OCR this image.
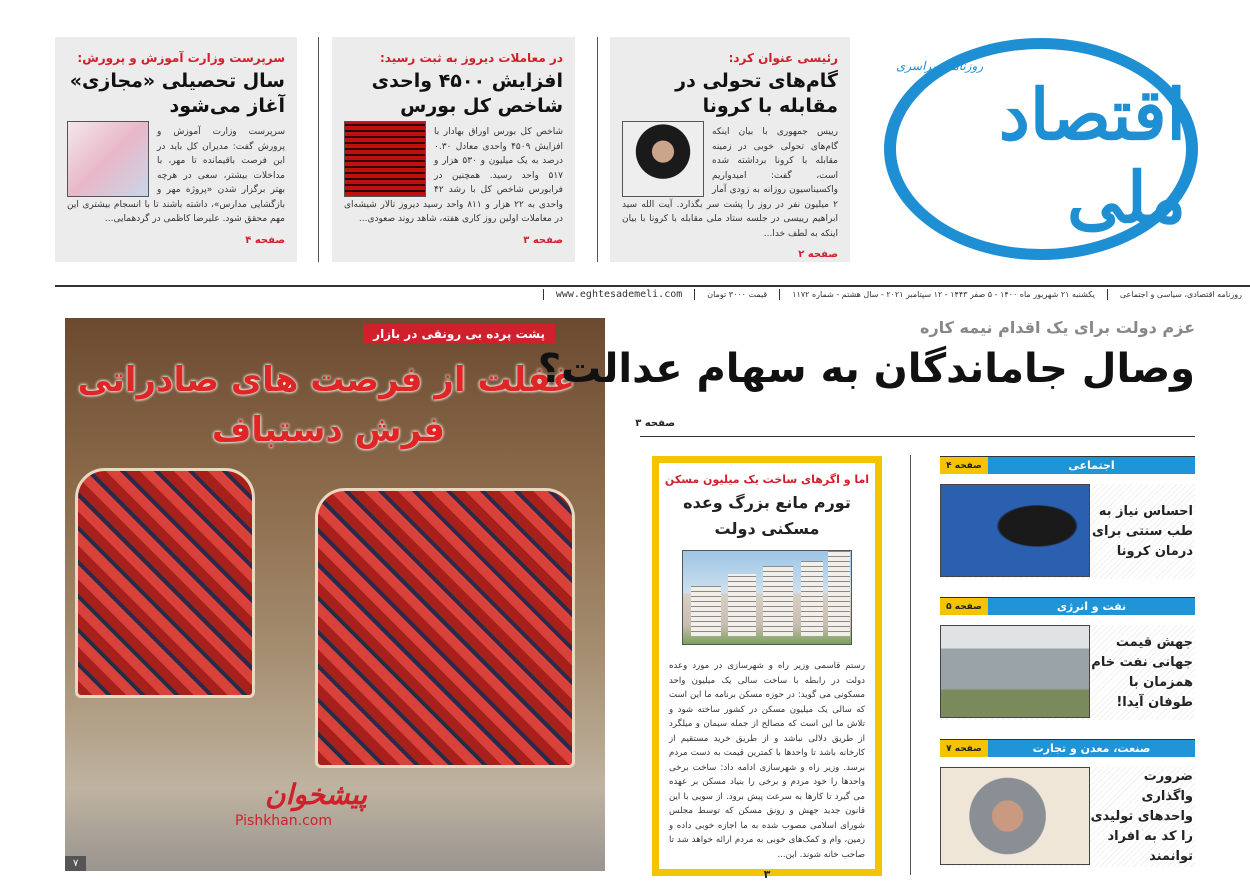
رئیسی عنوان کرد:
گام‌های تحولی در مقابله با کرونا
رییس جمهوری با بیان اینکه گام‌های تحولی خوبی در زمینه مقابله با کرونا برداشته شده است، گفت: امیدواریم واکسیناسیون روزانه به زودی آمار ۲ میلیون نفر در روز را پشت سر بگذارد. آیت الله سید ابراهیم رییسی در جلسه ستاد ملی مقابله با کرونا با بیان اینکه به لطف خدا...
صفحه ۲
در معاملات دیروز به ثبت رسید:
افزایش ۴۵۰۰ واحدی شاخص کل بورس
شاخص کل بورس اوراق بهادار با افزایش ۴۵۰۹ واحدی معادل ۰.۳۰ درصد به یک میلیون و ۵۳۰ هزار و ۵۱۷ واحد رسید. همچنین در فرابورس شاخص کل با رشد ۴۲ واحدی به ۲۲ هزار و ۸۱۱ واحد رسید دیروز تالار شیشه‌ای در معاملات اولین روز کاری هفته، شاهد روند صعودی...
صفحه ۳
سرپرست وزارت آموزش و پرورش:
سال تحصیلی «مجازی» آغاز می‌شود
سرپرست وزارت آموزش و پرورش گفت: مدیران کل باید در این فرصت باقیمانده تا مهر، با مداخلات بیشتر، سعی در هرچه بهتر برگزار شدن «پروژه مهر و بازگشایی مدارس»، داشته باشند تا با انسجام بیشتری این مهم محقق شود. علیرضا کاظمی در گردهمایی...
صفحه ۴
روزنامه سراسری
اقتصاد ملی
روزنامه اقتصادی، سیاسی و اجتماعی
یکشنبه ۲۱ شهریور ماه ۱۴۰۰ - ۵ صفر ۱۴۴۳ - ۱۲ سپتامبر ۲۰۲۱ - سال هشتم - شماره ۱۱۷۲
قیمت ۳۰۰۰ تومان
www.eghtesademeli.com
پشت پرده بی رونقی در بازار
غفلت از فرصت های صادراتی
فرش دستباف
پیشخوان
Pishkhan.com
۷
عزم دولت برای یک اقدام نیمه کاره
وصال جاماندگان به سهام عدالت؟
صفحه ۳
اما و اگرهای ساخت یک میلیون مسکن
تورم مانع بزرگ وعده مسکنی دولت
رستم قاسمی وزیر راه و شهرسازی در مورد وعده دولت در رابطه با ساخت سالی یک میلیون واحد مسکونی می گوید: در حوزه مسکن برنامه ما این است که سالی یک میلیون مسکن در کشور ساخته شود و تلاش ما این است که مصالح از جمله سیمان و میلگرد از طریق دلالی نباشد و از طریق خرید مستقیم از کارخانه باشد تا واحدها با کمترین قیمت به دست مردم برسد. وزیر راه و شهرسازی ادامه داد: ساخت برخی واحدها را خود مردم و برخی را بنیاد مسکن بر عهده می گیرد تا کارها به سرعت پیش برود. از سویی با این قانون جدید جهش و رونق مسکن که توسط مجلس شورای اسلامی مصوب شده به ما اجازه خوبی داده و زمین، وام و کمک‌های خوبی به مردم ارائه خواهد شد تا صاحب خانه شوند. این...
۳
اجتماعی
صفحه ۴
احساس نیاز به طب سنتی برای درمان کرونا
نفت و انرژی
صفحه ۵
جهش قیمت جهانی نفت خام همزمان با طوفان آیدا!
صنعت، معدن و تجارت
صفحه ۷
ضرورت واگذاری واحدهای تولیدی را کد به افراد توانمند
